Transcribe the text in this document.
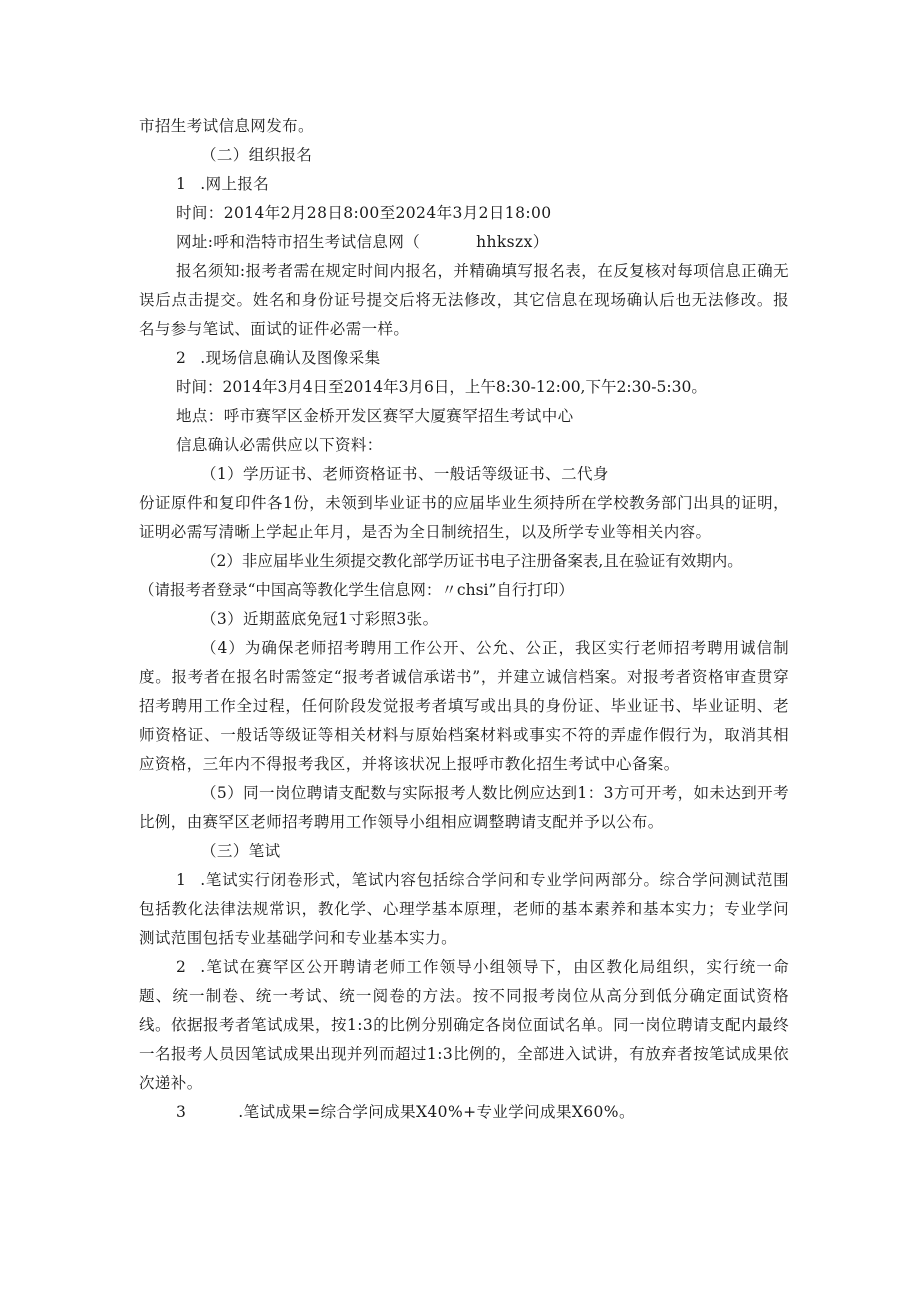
市招生考试信息网发布。

（二）组织报名

1 .网上报名

时间：2014年2月28日8:00至2024年3月2日18:00

网址:呼和浩特市招生考试信息网（	hhkszx）

报名须知:报考者需在规定时间内报名，并精确填写报名表，在反复核对每项信息正确无误后点击提交。姓名和身份证号提交后将无法修改，其它信息在现场确认后也无法修改。报名与参与笔试、面试的证件必需一样。

2 .现场信息确认及图像采集

时间：2014年3月4日至2014年3月6日，上午8:30-12:00,下午2:30-5:30。

地点：呼市赛罕区金桥开发区赛罕大厦赛罕招生考试中心

信息确认必需供应以下资料：

（1）学历证书、老师资格证书、一般话等级证书、二代身

份证原件和复印件各1份，未领到毕业证书的应届毕业生须持所在学校教务部门出具的证明，证明必需写清晰上学起止年月，是否为全日制统招生，以及所学专业等相关内容。

（2）非应届毕业生须提交教化部学历证书电子注册备案表,且在验证有效期内。

（请报考者登录“中国高等教化学生信息网：〃chsi”自行打印）

（3）近期蓝底免冠1寸彩照3张。

（4）为确保老师招考聘用工作公开、公允、公正，我区实行老师招考聘用诚信制度。报考者在报名时需签定“报考者诚信承诺书”，并建立诚信档案。对报考者资格审查贯穿招考聘用工作全过程，任何阶段发觉报考者填写或出具的身份证、毕业证书、毕业证明、老师资格证、一般话等级证等相关材料与原始档案材料或事实不符的弄虚作假行为，取消其相应资格，三年内不得报考我区，并将该状况上报呼市教化招生考试中心备案。

（5）同一岗位聘请支配数与实际报考人数比例应达到1：3方可开考，如未达到开考比例，由赛罕区老师招考聘用工作领导小组相应调整聘请支配并予以公布。

（三）笔试

1 .笔试实行闭卷形式，笔试内容包括综合学问和专业学问两部分。综合学问测试范围包括教化法律法规常识，教化学、心理学基本原理，老师的基本素养和基本实力；专业学问测试范围包括专业基础学问和专业基本实力。

2 .笔试在赛罕区公开聘请老师工作领导小组领导下，由区教化局组织，实行统一命题、统一制卷、统一考试、统一阅卷的方法。按不同报考岗位从高分到低分确定面试资格线。依据报考者笔试成果，按1:3的比例分别确定各岗位面试名单。同一岗位聘请支配内最终一名报考人员因笔试成果出现并列而超过1:3比例的，全部进入试讲，有放弃者按笔试成果依次递补。

3	.笔试成果=综合学问成果X40%+专业学问成果X60%。
